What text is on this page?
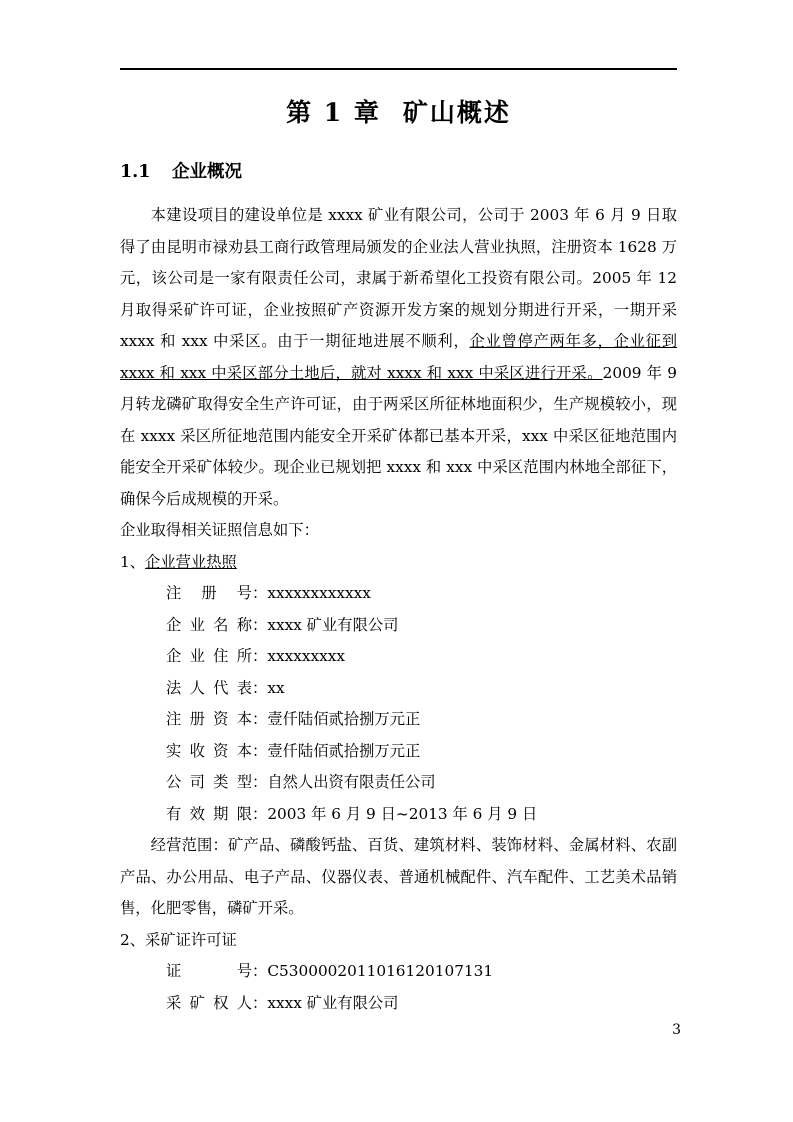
第 1 章 矿山概述
1.1 企业概况

本建设项目的建设单位是 xxxx 矿业有限公司，公司于 2003 年 6 月 9 日取得了由昆明市禄劝县工商行政管理局颁发的企业法人营业执照，注册资本 1628 万元，该公司是一家有限责任公司，隶属于新希望化工投资有限公司。2005 年 12 月取得采矿许可证，企业按照矿产资源开发方案的规划分期进行开采，一期开采 xxxx 和 xxx 中采区。由于一期征地进展不顺利，企业曾停产两年多，企业征到 xxxx 和 xxx 中采区部分土地后，就对 xxxx 和 xxx 中采区进行开采。2009 年 9 月转龙磷矿取得安全生产许可证，由于两采区所征林地面积少，生产规模较小，现在 xxxx 采区所征地范围内能安全开采矿体都已基本开采，xxx 中采区征地范围内能安全开采矿体较少。现企业已规划把 xxxx 和 xxx 中采区范围内林地全部征下，确保今后成规模的开采。

企业取得相关证照信息如下：

1、企业营业热照

注册号：xxxxxxxxxxxx
企业名称：xxxx 矿业有限公司
企业住所：xxxxxxxxx
法人代表：xx
注册资本：壹仟陆佰贰拾捌万元正
实收资本：壹仟陆佰贰拾捌万元正
公司类型：自然人出资有限责任公司
有效期限：2003 年 6 月 9 日~2013 年 6 月 9 日

经营范围：矿产品、磷酸钙盐、百货、建筑材料、装饰材料、金属材料、农副产品、办公用品、电子产品、仪器仪表、普通机械配件、汽车配件、工艺美术品销售，化肥零售，磷矿开采。

2、采矿证许可证

证号：C5300002011016120107131
采矿权人：xxxx 矿业有限公司
3
